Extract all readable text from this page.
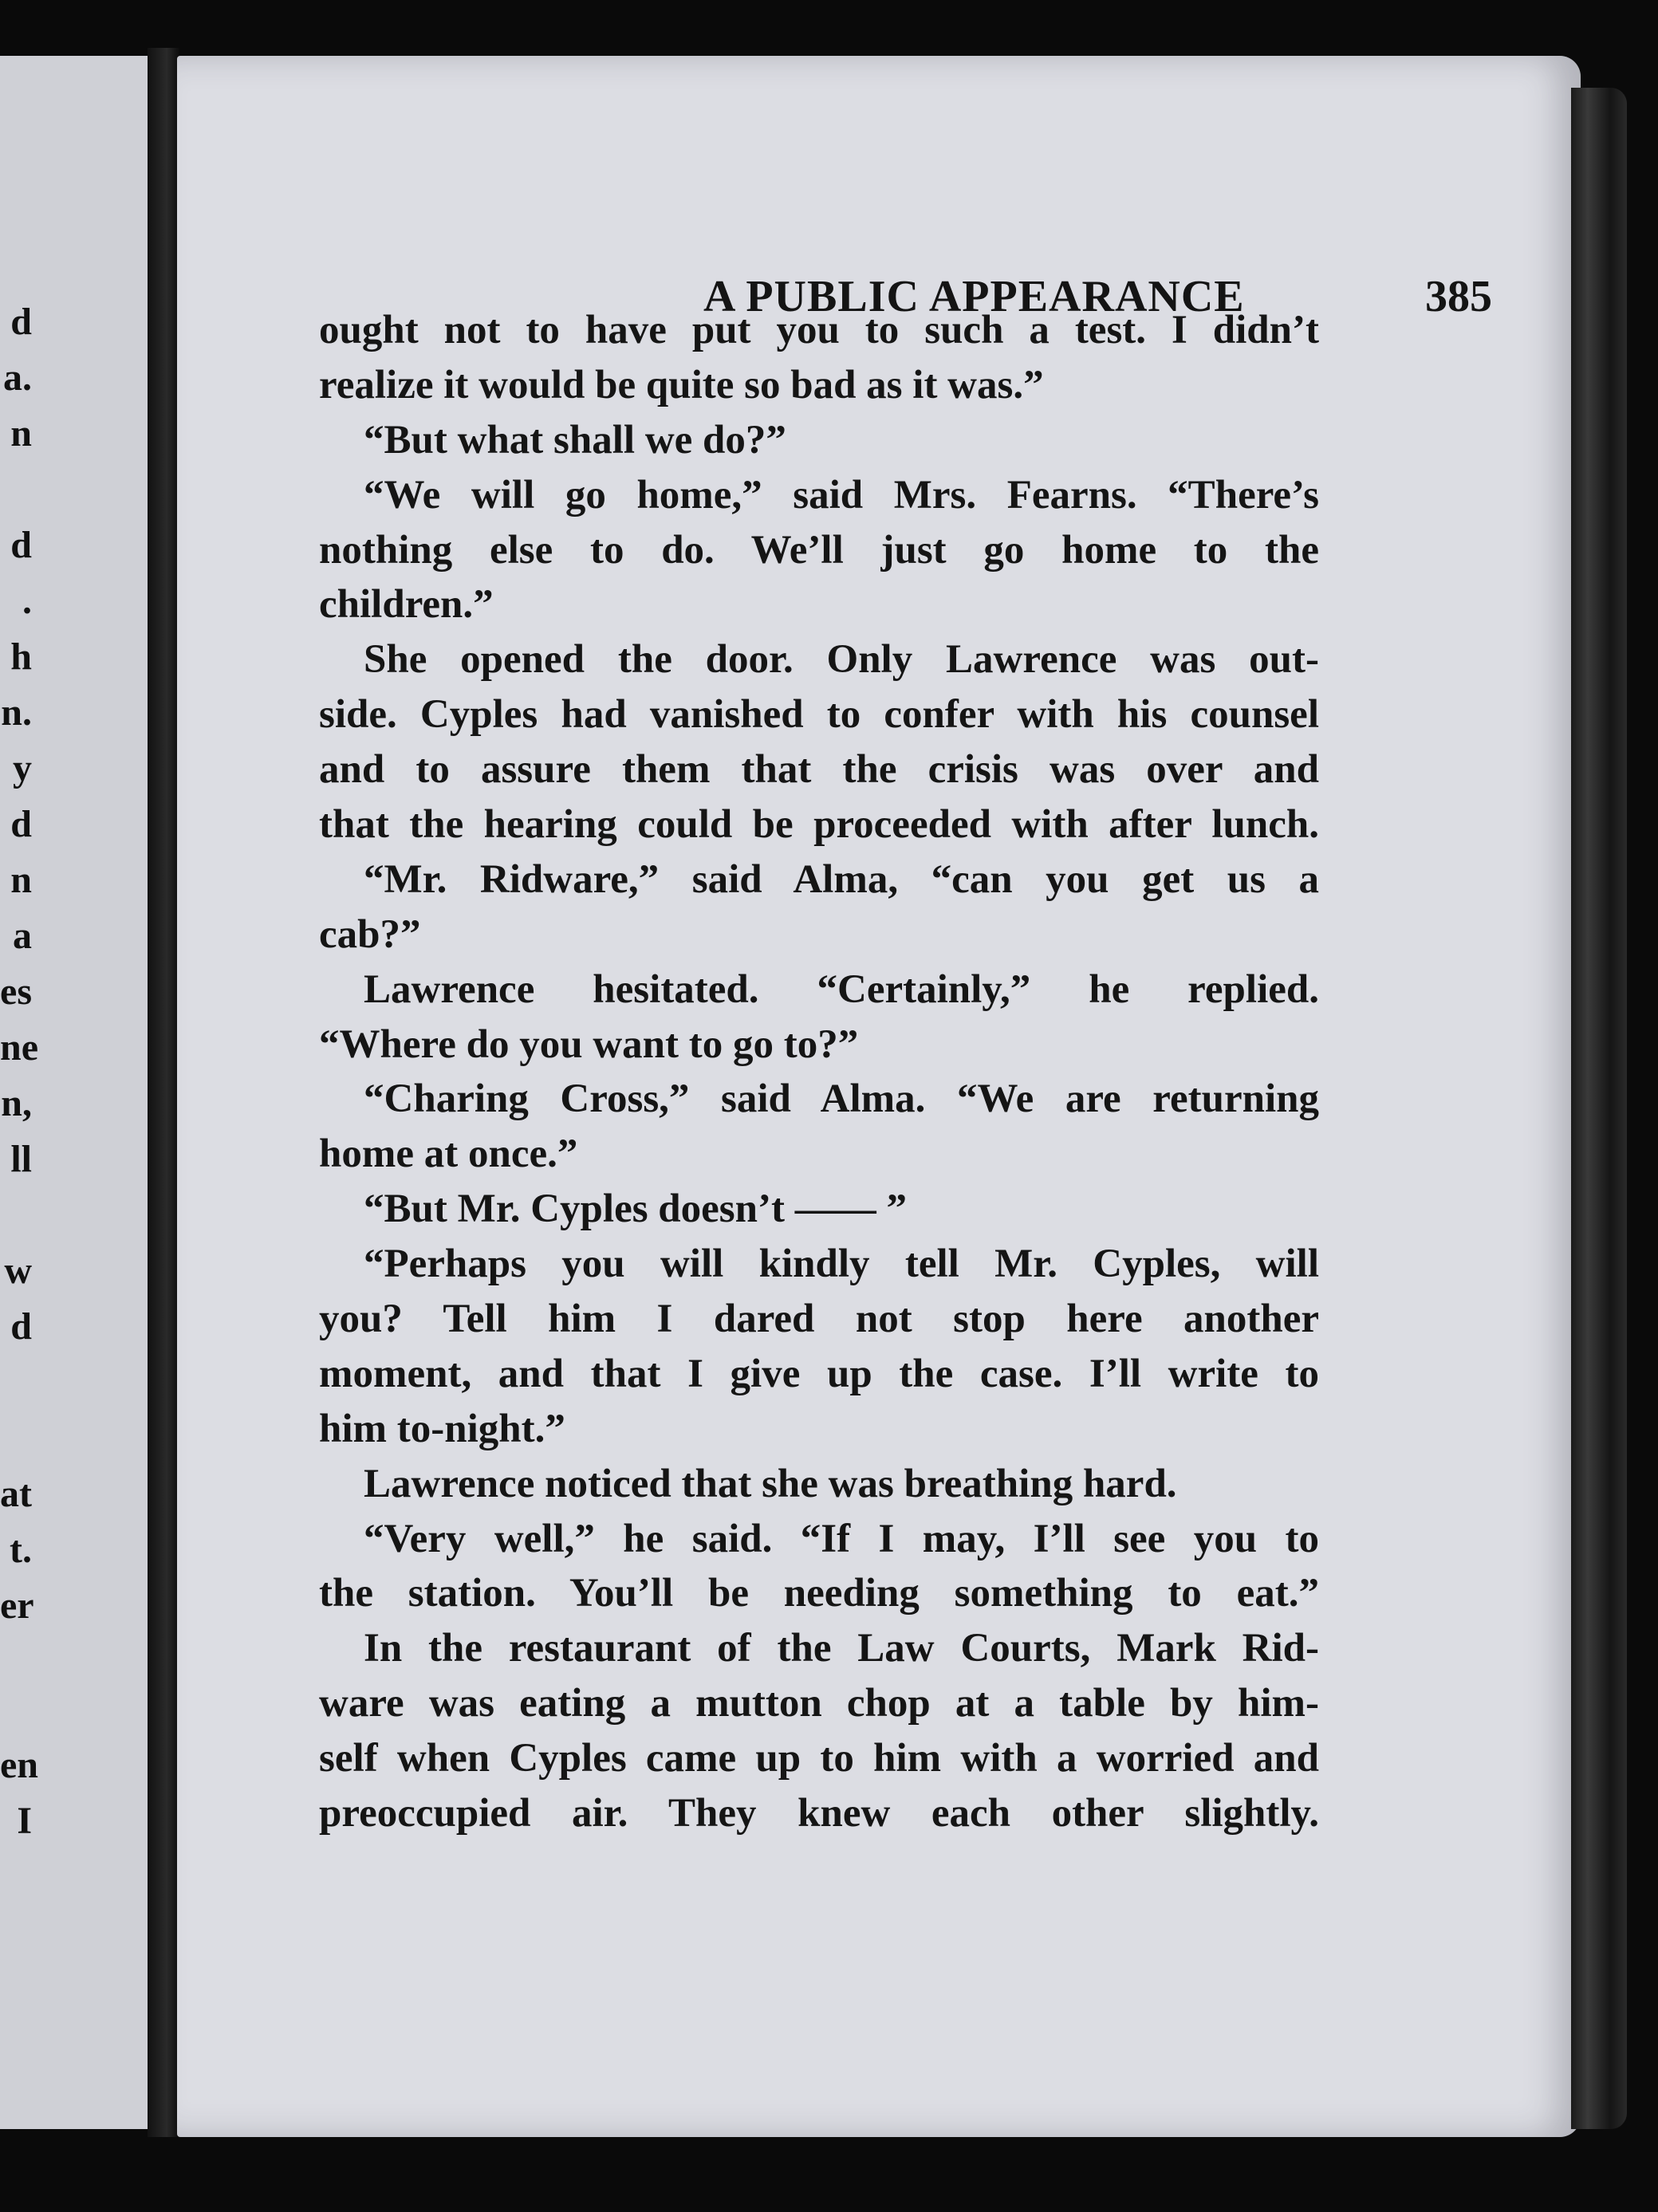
d
a.
n
d
.
h
n.
y
d
n
a
es
ne
n,
ll
w
d
at
t.
er
en
I
A PUBLIC APPEARANCE	385
ought not to have put you to such a test. I didn’t
realize it would be quite so bad as it was.”
“But what shall we do?”
“We will go home,” said Mrs. Fearns. “There’s
nothing else to do. We’ll just go home to the
children.”
She opened the door. Only Lawrence was out-
side. Cyples had vanished to confer with his counsel
and to assure them that the crisis was over and
that the hearing could be proceeded with after lunch.
“Mr. Ridware,” said Alma, “can you get us a
cab?”
Lawrence hesitated. “Certainly,” he replied.
“Where do you want to go to?”
“Charing Cross,” said Alma. “We are returning
home at once.”
“But Mr. Cyples doesn’t —— ”
“Perhaps you will kindly tell Mr. Cyples, will
you? Tell him I dared not stop here another
moment, and that I give up the case. I’ll write to
him to-night.”
Lawrence noticed that she was breathing hard.
“Very well,” he said. “If I may, I’ll see you to
the station. You’ll be needing something to eat.”
In the restaurant of the Law Courts, Mark Rid-
ware was eating a mutton chop at a table by him-
self when Cyples came up to him with a worried and
preoccupied air. They knew each other slightly.
